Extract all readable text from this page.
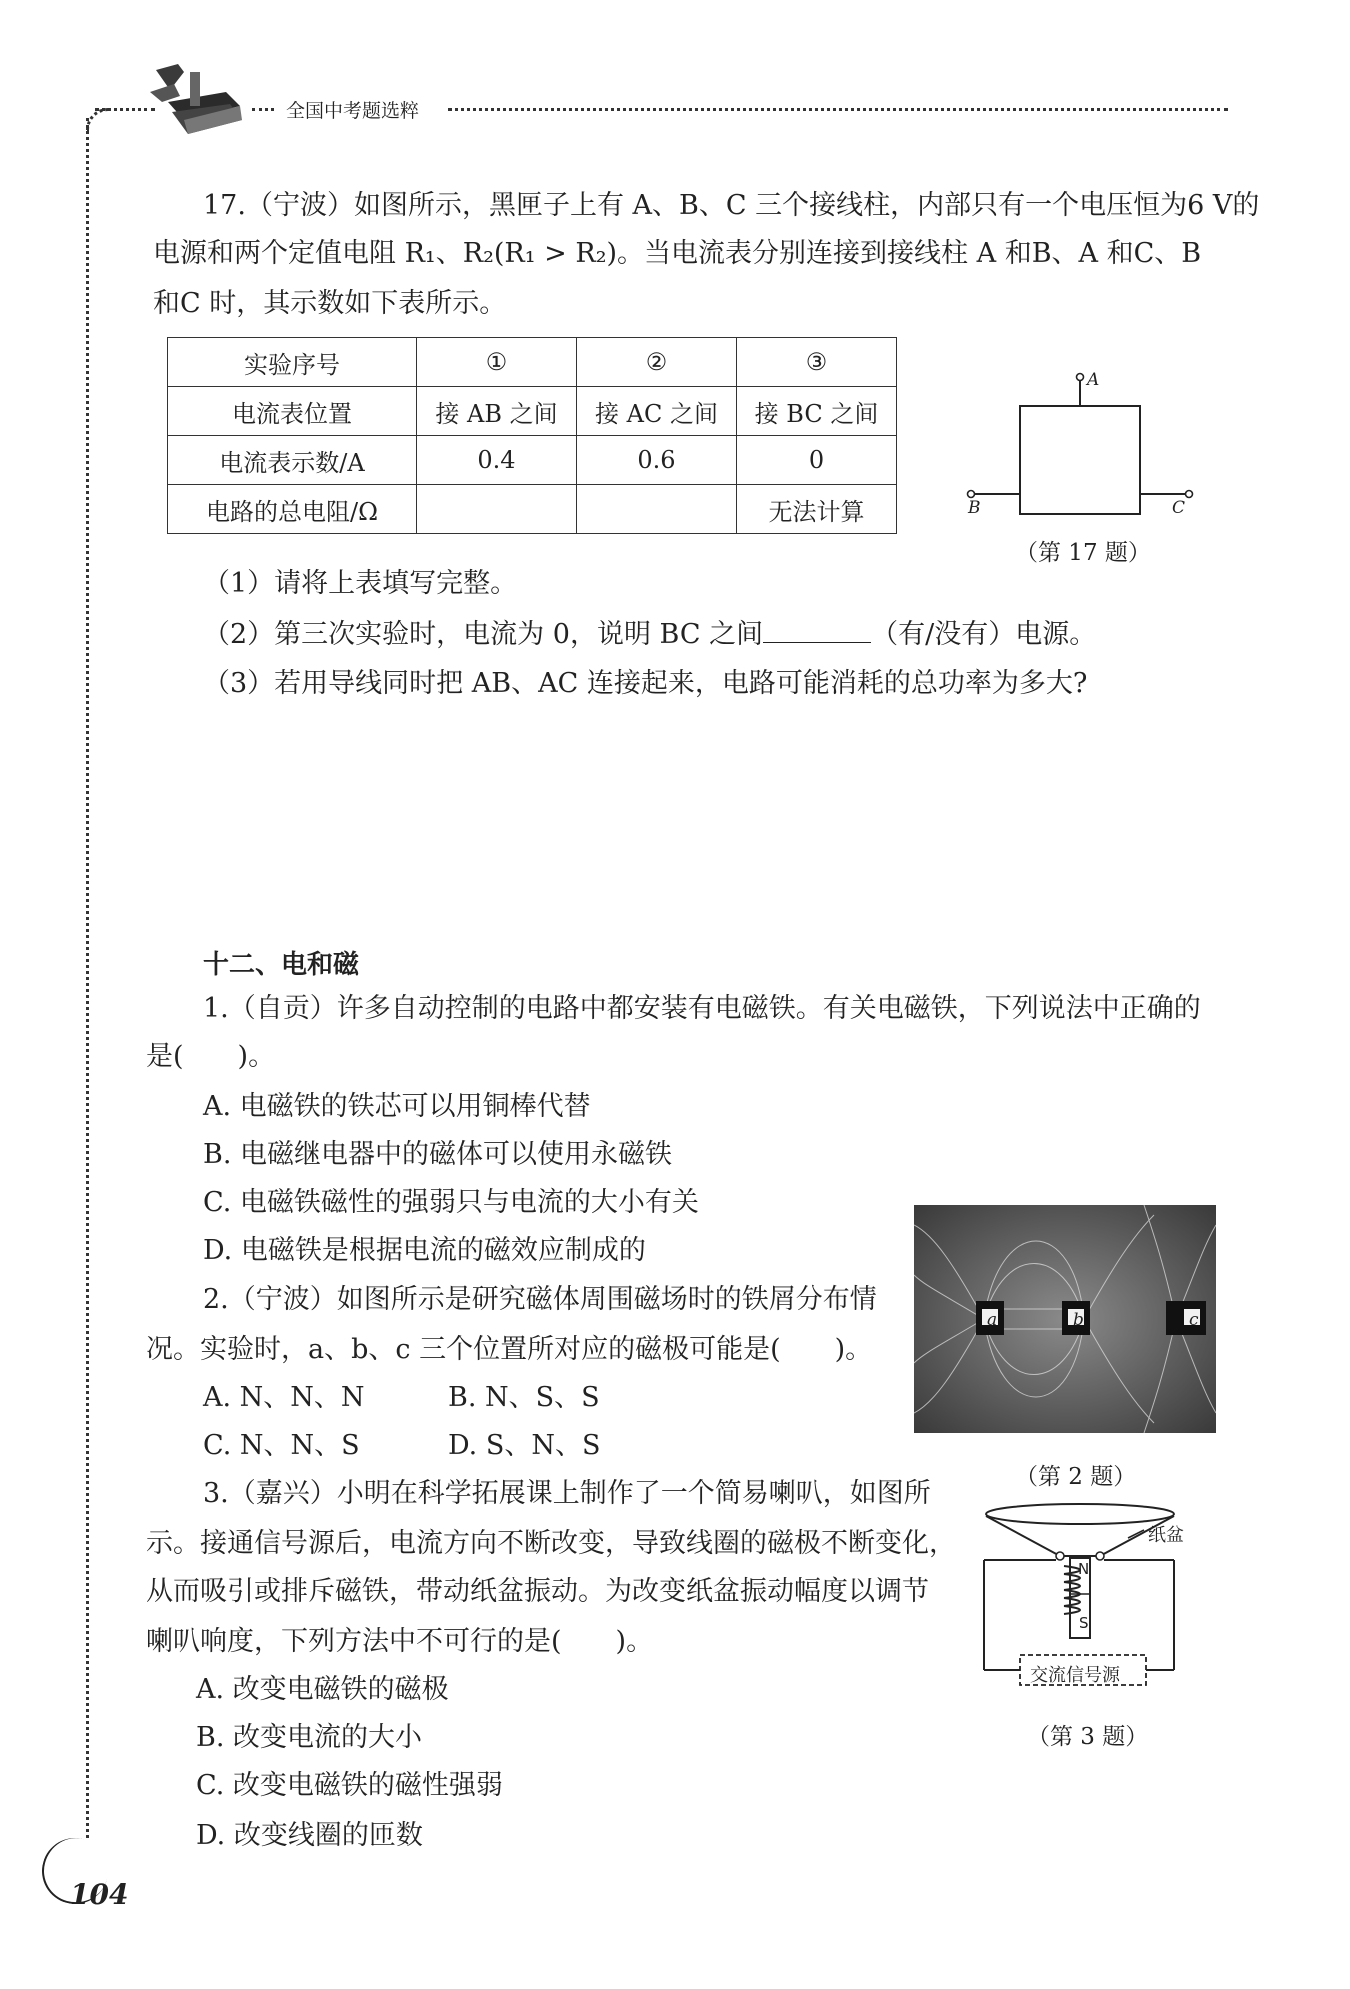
全国中考题选粹
17.（宁波）如图所示，黑匣子上有 A、B、C 三个接线柱，内部只有一个电压恒为6 V的
电源和两个定值电阻 R₁、R₂(R₁ > R₂)。当电流表分别连接到接线柱 A 和B、A 和C、B
和C 时，其示数如下表所示。
实验序号	①	②	③
电流表位置	接 AB 之间	接 AC 之间	接 BC 之间
电流表示数/A	0.4	0.6	0
电路的总电阻/Ω			无法计算
A
B	C
（第 17 题）
（1）请将上表填写完整。
（2）第三次实验时，电流为 0，说明 BC 之间	（有/没有）电源。
（3）若用导线同时把 AB、AC 连接起来，电路可能消耗的总功率为多大?
十二、电和磁
1.（自贡）许多自动控制的电路中都安装有电磁铁。有关电磁铁，下列说法中正确的
是(　　)。
A. 电磁铁的铁芯可以用铜棒代替
B. 电磁继电器中的磁体可以使用永磁铁
C. 电磁铁磁性的强弱只与电流的大小有关
D. 电磁铁是根据电流的磁效应制成的
2.（宁波）如图所示是研究磁体周围磁场时的铁屑分布情
况。实验时，a、b、c 三个位置所对应的磁极可能是(　　)。
A. N、N、N	B. N、S、S
C. N、N、S	D. S、N、S
a	b	c
（第 2 题）
3.（嘉兴）小明在科学拓展课上制作了一个简易喇叭，如图所
示。接通信号源后，电流方向不断改变，导致线圈的磁极不断变化，
从而吸引或排斥磁铁，带动纸盆振动。为改变纸盆振动幅度以调节
喇叭响度，下列方法中不可行的是(　　)。
A. 改变电磁铁的磁极
B. 改变电流的大小
C. 改变电磁铁的磁性强弱
D. 改变线圈的匝数
纸盆
N
S
交流信号源
（第 3 题）
104
